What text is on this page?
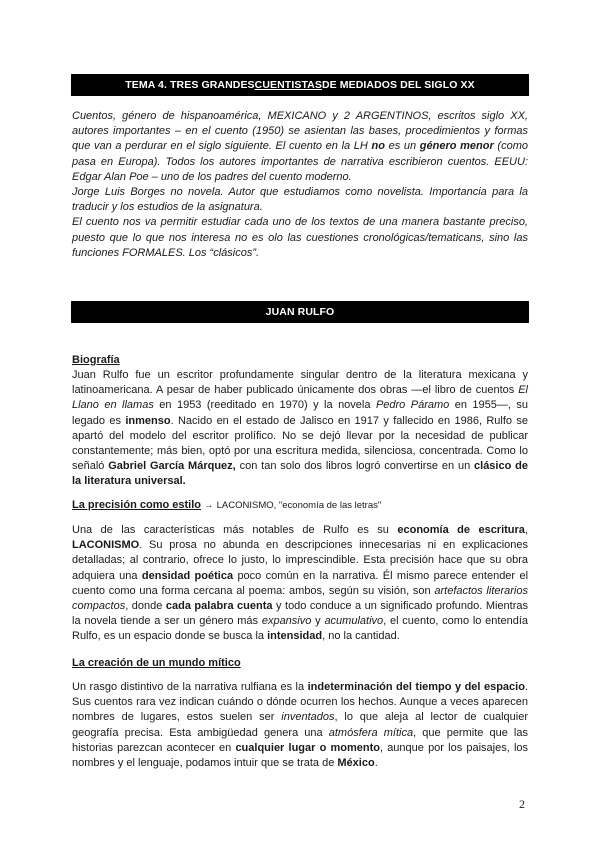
TEMA 4. TRES GRANDES CUENTISTAS DE MEDIADOS DEL SIGLO XX

Cuentos, género de hispanoamérica, MEXICANO y 2 ARGENTINOS, escritos siglo XX, autores importantes – en el cuento (1950) se asientan las bases, procedimientos y formas que van a perdurar en el siglo siguiente. El cuento en la LH no es un género menor (como pasa en Europa). Todos los autores importantes de narrativa escribieron cuentos. EEUU: Edgar Alan Poe – uno de los padres del cuento moderno.

Jorge Luis Borges no novela. Autor que estudiamos como novelista. Importancia para la traducir y los estudios de la asignatura.

El cuento nos va permitir estudiar cada uno de los textos de una manera bastante preciso, puesto que lo que nos interesa no es olo las cuestiones cronológicas/tematicans, sino las funciones FORMALES. Los “clásicos”.

JUAN RULFO

Biografía

Juan Rulfo fue un escritor profundamente singular dentro de la literatura mexicana y latinoamericana. A pesar de haber publicado únicamente dos obras —el libro de cuentos El Llano en llamas en 1953 (reeditado en 1970) y la novela Pedro Páramo en 1955—, su legado es inmenso. Nacido en el estado de Jalisco en 1917 y fallecido en 1986, Rulfo se apartó del modelo del escritor prolífico. No se dejó llevar por la necesidad de publicar constantemente; más bien, optó por una escritura medida, silenciosa, concentrada. Como lo señaló Gabriel García Márquez, con tan solo dos libros logró convertirse en un clásico de la literatura universal.

La precisión como estilo → LACONISMO, "economía de las letras"

Una de las características más notables de Rulfo es su economía de escritura, LACONISMO. Su prosa no abunda en descripciones innecesarias ni en explicaciones detalladas; al contrario, ofrece lo justo, lo imprescindible. Esta precisión hace que su obra adquiera una densidad poética poco común en la narrativa. Él mismo parece entender el cuento como una forma cercana al poema: ambos, según su visión, son artefactos literarios compactos, donde cada palabra cuenta y todo conduce a un significado profundo. Mientras la novela tiende a ser un género más expansivo y acumulativo, el cuento, como lo entendía Rulfo, es un espacio donde se busca la intensidad, no la cantidad.

La creación de un mundo mítico

Un rasgo distintivo de la narrativa rulfiana es la indeterminación del tiempo y del espacio. Sus cuentos rara vez indican cuándo o dónde ocurren los hechos. Aunque a veces aparecen nombres de lugares, estos suelen ser inventados, lo que aleja al lector de cualquier geografía precisa. Esta ambigüedad genera una atmósfera mítica, que permite que las historias parezcan acontecer en cualquier lugar o momento, aunque por los paisajes, los nombres y el lenguaje, podamos intuir que se trata de México.

2
